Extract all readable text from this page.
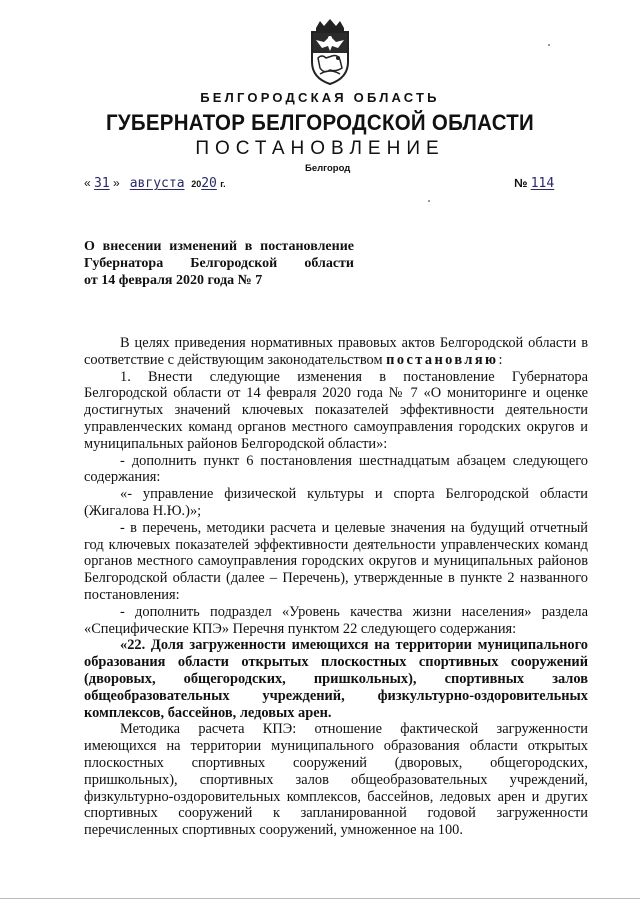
БЕЛГОРОДСКАЯ ОБЛАСТЬ
ГУБЕРНАТОР БЕЛГОРОДСКОЙ ОБЛАСТИ
ПОСТАНОВЛЕНИЕ
Белгород
« 31 » августа 2020 г.	№ 114
О внесении изменений в постановление
Губернатора Белгородской области
от 14 февраля 2020 года № 7

В целях приведения нормативных правовых актов Белгородской области в соответствие с действующим законодательством постановляю:

1. Внести следующие изменения в постановление Губернатора Белгородской области от 14 февраля 2020 года № 7 «О мониторинге и оценке достигнутых значений ключевых показателей эффективности деятельности управленческих команд органов местного самоуправления городских округов и муниципальных районов Белгородской области»:

- дополнить пункт 6 постановления шестнадцатым абзацем следующего содержания:

«- управление физической культуры и спорта Белгородской области (Жигалова Н.Ю.)»;

- в перечень, методики расчета и целевые значения на будущий отчетный год ключевых показателей эффективности деятельности управленческих команд органов местного самоуправления городских округов и муниципальных районов Белгородской области (далее – Перечень), утвержденные в пункте 2 названного постановления:

- дополнить подраздел «Уровень качества жизни населения» раздела «Специфические КПЭ» Перечня пунктом 22 следующего содержания:

«22. Доля загруженности имеющихся на территории муниципального образования области открытых плоскостных спортивных сооружений (дворовых, общегородских, пришкольных), спортивных залов общеобразовательных учреждений, физкультурно-оздоровительных комплексов, бассейнов, ледовых арен.

Методика расчета КПЭ: отношение фактической загруженности имеющихся на территории муниципального образования области открытых плоскостных спортивных сооружений (дворовых, общегородских, пришкольных), спортивных залов общеобразовательных учреждений, физкультурно-оздоровительных комплексов, бассейнов, ледовых арен и других спортивных сооружений к запланированной годовой загруженности перечисленных спортивных сооружений, умноженное на 100.
